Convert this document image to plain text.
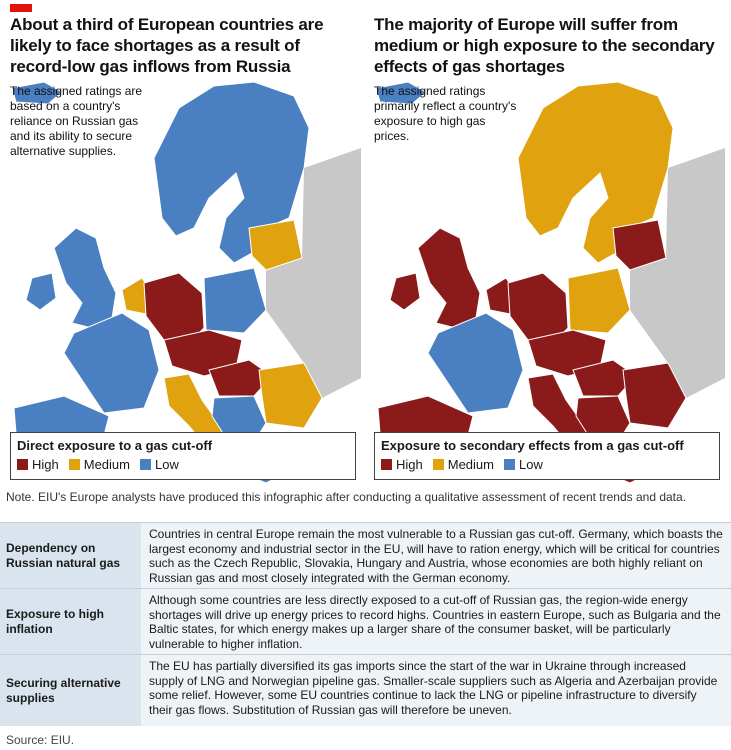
About a third of European countries are likely to face shortages as a result of record-low gas inflows from Russia
The assigned ratings are based on a country's reliance on Russian gas and its ability to secure alternative supplies.
Direct exposure to a gas cut-off
High Medium Low
The majority of Europe will suffer from medium or high exposure to the secondary effects of gas shortages
The assigned ratings primarily reflect a country's exposure to high gas prices.
Exposure to secondary effects from a gas cut-off
High Medium Low
Note. EIU's Europe analysts have produced this infographic after conducting a qualitative assessment of recent trends and data.
Dependency on Russian natural gas
Countries in central Europe remain the most vulnerable to a Russian gas cut-off. Germany, which boasts the largest economy and industrial sector in the EU, will have to ration energy, which will be critical for countries such as the Czech Republic, Slovakia, Hungary and Austria, whose economies are both highly reliant on Russian gas and most closely integrated with the German economy.
Exposure to high inflation
Although some countries are less directly exposed to a cut-off of Russian gas, the region-wide energy shortages will drive up energy prices to record highs. Countries in eastern Europe, such as Bulgaria and the Baltic states, for which energy makes up a larger share of the consumer basket, will be particularly vulnerable to higher inflation.
Securing alternative supplies
The EU has partially diversified its gas imports since the start of the war in Ukraine through increased supply of LNG and Norwegian pipeline gas. Smaller-scale suppliers such as Algeria and Azerbaijan provide some relief. However, some EU countries continue to lack the LNG or pipeline infrastructure to diversify their gas flows. Substitution of Russian gas will therefore be uneven.
Source: EIU.
